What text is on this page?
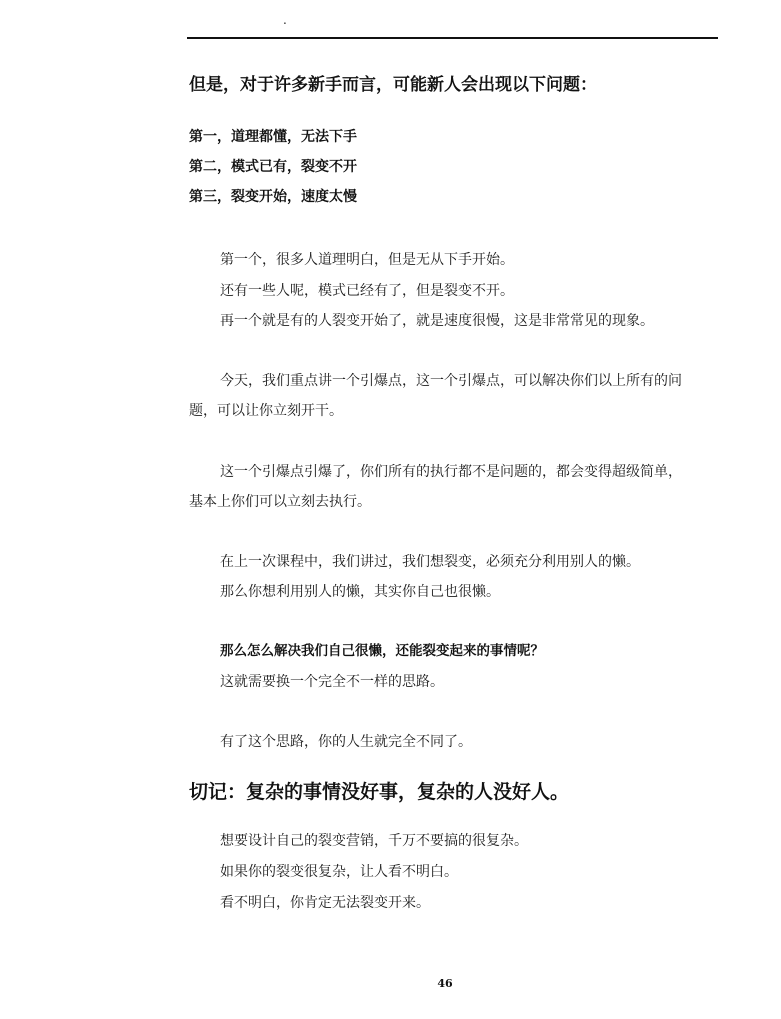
.
但是，对于许多新手而言，可能新人会出现以下问题：
第一，道理都懂，无法下手
第二，模式已有，裂变不开
第三，裂变开始，速度太慢
第一个，很多人道理明白，但是无从下手开始。
还有一些人呢，模式已经有了，但是裂变不开。
再一个就是有的人裂变开始了，就是速度很慢，这是非常常见的现象。
今天，我们重点讲一个引爆点，这一个引爆点，可以解决你们以上所有的问
题，可以让你立刻开干。
这一个引爆点引爆了，你们所有的执行都不是问题的，都会变得超级简单，
基本上你们可以立刻去执行。
在上一次课程中，我们讲过，我们想裂变，必须充分利用别人的懒。
那么你想利用别人的懒，其实你自己也很懒。
那么怎么解决我们自己很懒，还能裂变起来的事情呢？
这就需要换一个完全不一样的思路。
有了这个思路，你的人生就完全不同了。
切记：复杂的事情没好事，复杂的人没好人。
想要设计自己的裂变营销，千万不要搞的很复杂。
如果你的裂变很复杂，让人看不明白。
看不明白，你肯定无法裂变开来。
46
